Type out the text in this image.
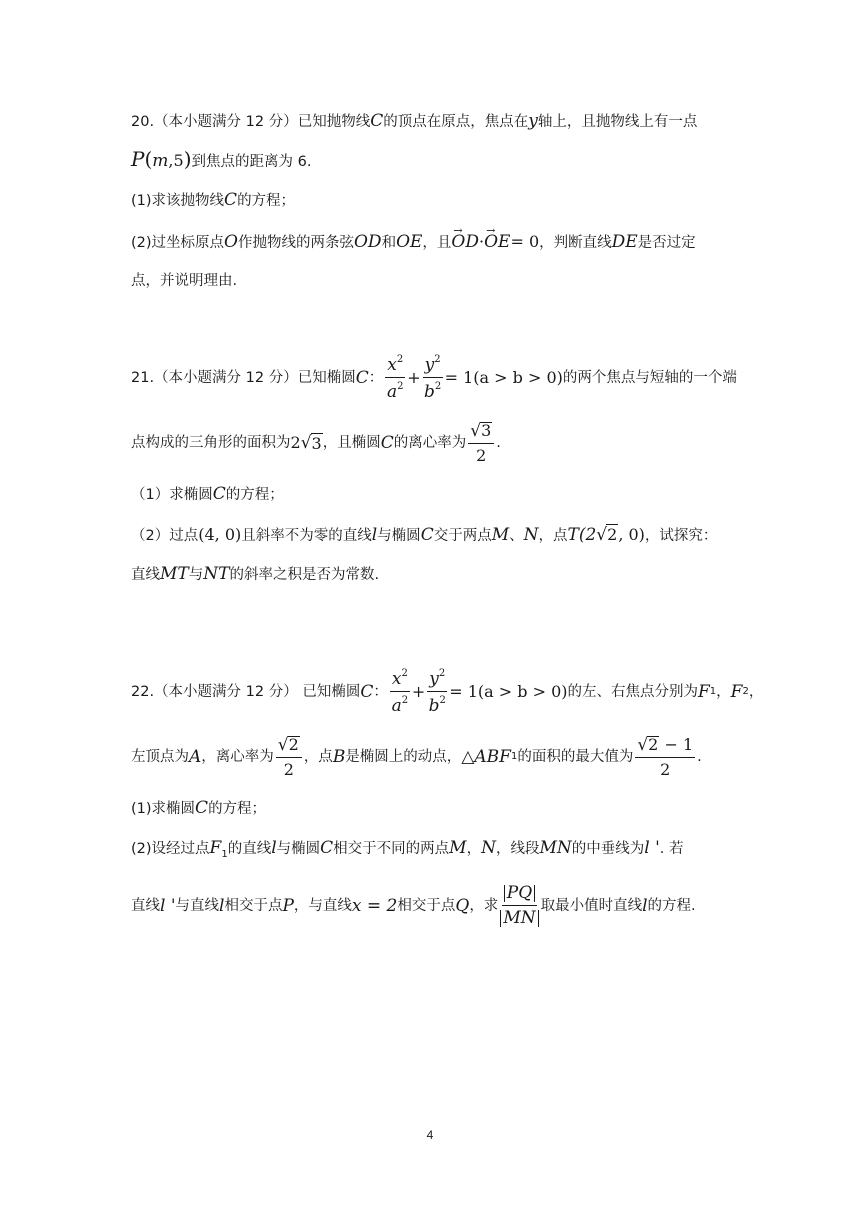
20.（本小题满分 12 分）已知抛物线C的顶点在原点，焦点在y轴上，且抛物线上有一点
P(m,5)到焦点的距离为 6.
(1)求该抛物线C的方程；
(2)过坐标原点O作抛物线的两条弦OD和OE，且→ OD·→ OE= 0，判断直线DE是否过定
点，并说明理由.
21.（本小题满分 12 分）已知椭圆 C ： $\frac{x^2}{a^2} + \frac{y^2}{b^2} = 1(a > b > 0)$ 的两个焦点与短轴的一个端
点构成的三角形的面积为 2 √ 3 ，且椭圆 C 的离心率为 $\frac{√3}{2}$ .
（1）求椭圆C的方程；
（2）过点(4, 0)且斜率不为零的直线l与椭圆C交于两点M、N，点T(2√2, 0)，试探究：
直线MT与NT的斜率之积是否为常数.
22.（本小题满分 12 分） 已知椭圆 C ： $\frac{x^2}{a^2} + \frac{y^2}{b^2} = 1(a > b > 0)$ 的左、右焦点分别为 F 1 ， F 2 ，
左顶点为 A ，离心率为 $\frac{√2}{2}$ ，点 B 是椭圆上的动点， △ABF 1 的面积的最大值为 $\frac{√2 - 1}{2}$ .
(1)求椭圆C的方程；
(2)设经过点$F_1$的直线l与椭圆C相交于不同的两点M，N，线段MN的中垂线为l '. 若
直线 l ' 与直线 l 相交于点 P ，与直线 x = 2 相交于点 Q ，求 $\frac{PQ}{MN}$ 取最小值时直线 l 的方程.
4
